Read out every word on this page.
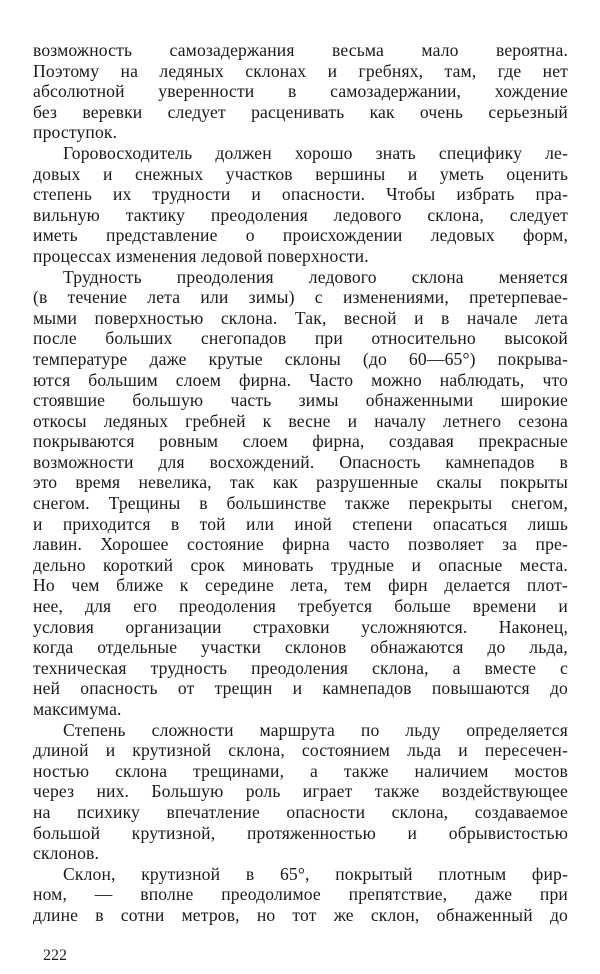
возможность самозадержания весьма мало вероятна.
Поэтому на ледяных склонах и гребнях, там, где нет
абсолютной уверенности в самозадержании, хождение
без веревки следует расценивать как очень серьезный
проступок.
Горовосходитель должен хорошо знать специфику ле-
довых и снежных участков вершины и уметь оценить
степень их трудности и опасности. Чтобы избрать пра-
вильную тактику преодоления ледового склона, следует
иметь представление о происхождении ледовых форм,
процессах изменения ледовой поверхности.
Трудность преодоления ледового склона меняется
(в течение лета или зимы) с изменениями, претерпевае-
мыми поверхностью склона. Так, весной и в начале лета
после больших снегопадов при относительно высокой
температуре даже крутые склоны (до 60—65°) покрыва-
ются большим слоем фирна. Часто можно наблюдать, что
стоявшие большую часть зимы обнаженными широкие
откосы ледяных гребней к весне и началу летнего сезона
покрываются ровным слоем фирна, создавая прекрасные
возможности для восхождений. Опасность камнепадов в
это время невелика, так как разрушенные скалы покрыты
снегом. Трещины в большинстве также перекрыты снегом,
и приходится в той или иной степени опасаться лишь
лавин. Хорошее состояние фирна часто позволяет за пре-
дельно короткий срок миновать трудные и опасные места.
Но чем ближе к середине лета, тем фирн делается плот-
нее, для его преодоления требуется больше времени и
условия организации страховки усложняются. Наконец,
когда отдельные участки склонов обнажаются до льда,
техническая трудность преодоления склона, а вместе с
ней опасность от трещин и камнепадов повышаются до
максимума.
Степень сложности маршрута по льду определяется
длиной и крутизной склона, состоянием льда и пересечен-
ностью склона трещинами, а также наличием мостов
через них. Большую роль играет также воздействующее
на психику впечатление опасности склона, создаваемое
большой крутизной, протяженностью и обрывистостью
склонов.
Склон, крутизной в 65°, покрытый плотным фир-
ном, — вполне преодолимое препятствие, даже при
длине в сотни метров, но тот же склон, обнаженный до
222
